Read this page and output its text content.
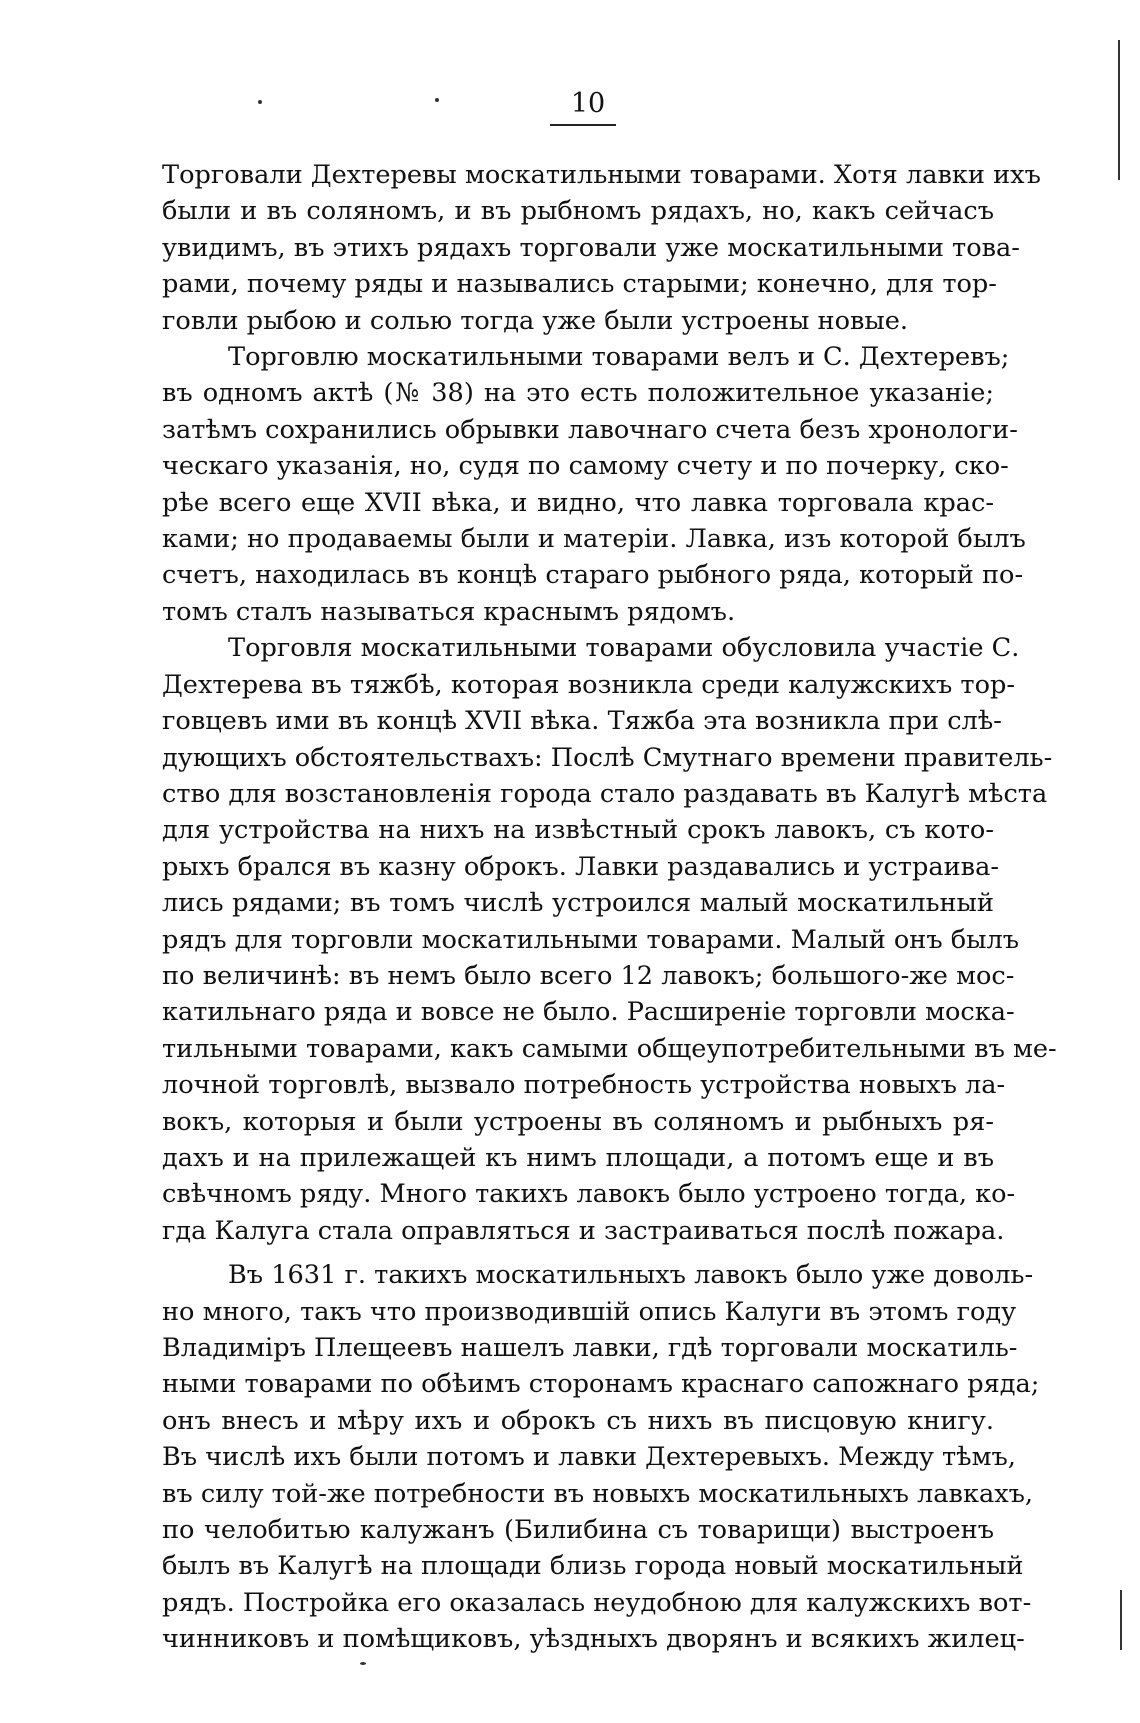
10

Торговали Дехтеревы москатильными товарами. Хотя лавки ихъ
были и въ соляномъ, и въ рыбномъ рядахъ, но, какъ сейчасъ
увидимъ, въ этихъ рядахъ торговали уже москатильными това-
рами, почему ряды и назывались старыми; конечно, для тор-
говли рыбою и солью тогда уже были устроены новые.

Торговлю москатильными товарами велъ и С. Дехтеревъ;
въ одномъ актѣ (№ 38) на это есть положительное указанiе;
затѣмъ сохранились обрывки лавочнаго счета безъ хронологи-
ческаго указанiя, но, судя по самому счету и по почерку, ско-
рѣе всего еще XVII вѣка, и видно, что лавка торговала крас-
ками; но продаваемы были и матерiи. Лавка, изъ которой былъ
счетъ, находилась въ концѣ стараго рыбного ряда, который по-
томъ сталъ называться краснымъ рядомъ.

Торговля москатильными товарами обусловила участiе С.
Дехтерева въ тяжбѣ, которая возникла среди калужскихъ тор-
говцевъ ими въ концѣ XVII вѣка. Тяжба эта возникла при слѣ-
дующихъ обстоятельствахъ: Послѣ Смутнаго времени правитель-
ство для возстановленiя города стало раздавать въ Калугѣ мѣста
для устройства на нихъ на извѣстный срокъ лавокъ, съ кото-
рыхъ брался въ казну оброкъ. Лавки раздавались и устраива-
лись рядами; въ томъ числѣ устроился малый москатильный
рядъ для торговли москатильными товарами. Малый онъ былъ
по величинѣ: въ немъ было всего 12 лавокъ; большого-же мос-
катильнаго ряда и вовсе не было. Расширенiе торговли моска-
тильными товарами, какъ самыми общеупотребительными въ ме-
лочной торговлѣ, вызвало потребность устройства новыхъ ла-
вокъ, которыя и были устроены въ соляномъ и рыбныхъ ря-
дахъ и на прилежащей къ нимъ площади, а потомъ еще и въ
свѣчномъ ряду. Много такихъ лавокъ было устроено тогда, ко-
гда Калуга стала оправляться и застраиваться послѣ пожара.

Въ 1631 г. такихъ москатильныхъ лавокъ было уже доволь-
но много, такъ что производившiй опись Калуги въ этомъ году
Владимiръ Плещеевъ нашелъ лавки, гдѣ торговали москатиль-
ными товарами по обѣимъ сторонамъ краснаго сапожнаго ряда;
онъ внесъ и мѣру ихъ и оброкъ съ нихъ въ писцовую книгу.
Въ числѣ ихъ были потомъ и лавки Дехтеревыхъ. Между тѣмъ,
въ силу той-же потребности въ новыхъ москатильныхъ лавкахъ,
по челобитью калужанъ (Билибина съ товарищи) выстроенъ
былъ въ Калугѣ на площади близь города новый москатильный
рядъ. Постройка его оказалась неудобною для калужскихъ вот-
чинниковъ и помѣщиковъ, уѣздныхъ дворянъ и всякихъ жилец-
